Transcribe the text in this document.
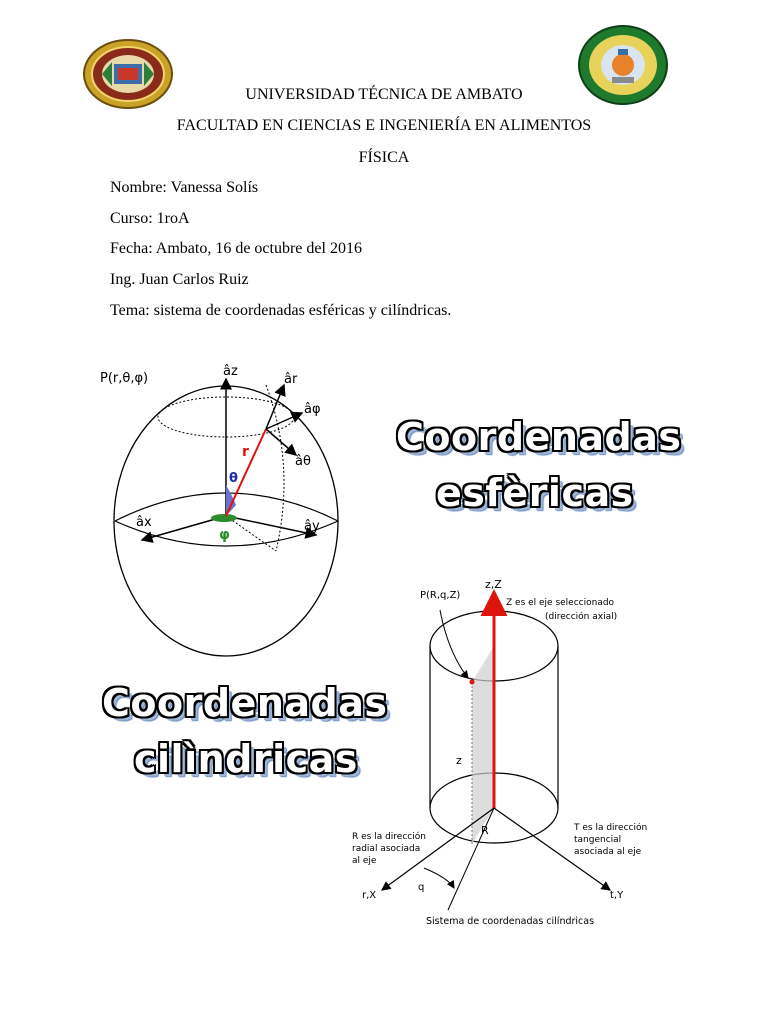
UNIVERSIDAD TÉCNICA DE AMBATO
FACULTAD EN CIENCIAS E INGENIERÍA EN ALIMENTOS
FÍSICA
Nombre: Vanessa Solís
Curso: 1roA
Fecha: Ambato, 16 de octubre del 2016
Ing. Juan Carlos Ruiz
Tema: sistema de coordenadas esféricas y cilíndricas.
P(r,θ,φ)	âz
âr
âφ
âθ
âx	ây
r
θ
φ
Coordenadas
esfèricas
Coordenadas
cilìndricas
P(R,q,Z)
z,Z
Z es el eje seleccionado
(dirección axial)
z
R
R es la dirección
radial asociada
al eje
T es la dirección
tangencial
asociada al eje
r,X
q
t,Y
Sistema de coordenadas cilíndricas
